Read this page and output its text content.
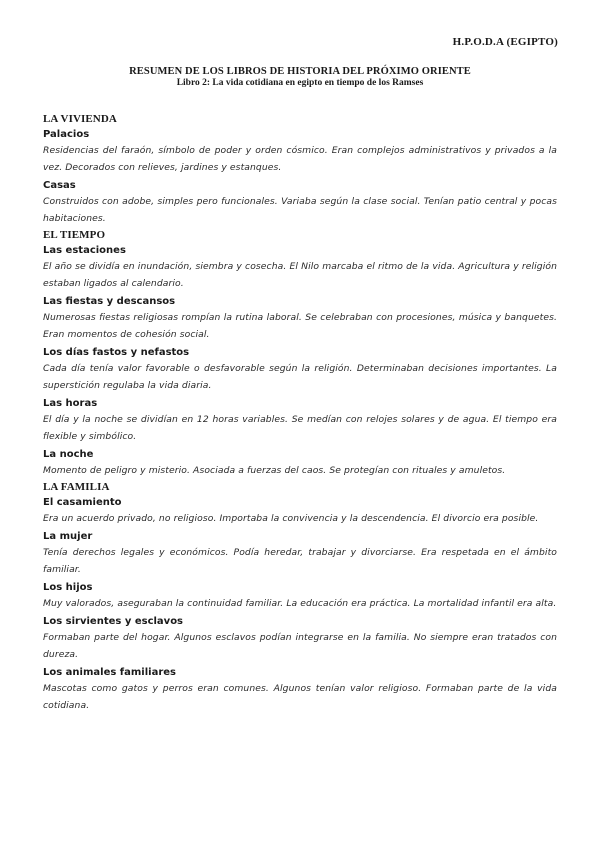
H.P.O.D.A (EGIPTO)
RESUMEN DE LOS LIBROS DE HISTORIA DEL PRÓXIMO ORIENTE
Libro 2: La vida cotidiana en egipto en tiempo de los Ramses
LA VIVIENDA
Palacios
Residencias del faraón, símbolo de poder y orden cósmico. Eran complejos administrativos y privados a la vez. Decorados con relieves, jardines y estanques.
Casas
Construidos con adobe, simples pero funcionales. Variaba según la clase social. Tenían patio central y pocas habitaciones.
EL TIEMPO
Las estaciones
El año se dividía en inundación, siembra y cosecha. El Nilo marcaba el ritmo de la vida. Agricultura y religión estaban ligados al calendario.
Las fiestas y descansos
Numerosas fiestas religiosas rompían la rutina laboral. Se celebraban con procesiones, música y banquetes. Eran momentos de cohesión social.
Los días fastos y nefastos
Cada día tenía valor favorable o desfavorable según la religión. Determinaban decisiones importantes. La superstición regulaba la vida diaria.
Las horas
El día y la noche se dividían en 12 horas variables. Se medían con relojes solares y de agua. El tiempo era flexible y simbólico.
La noche
Momento de peligro y misterio. Asociada a fuerzas del caos. Se protegían con rituales y amuletos.
LA FAMILIA
El casamiento
Era un acuerdo privado, no religioso. Importaba la convivencia y la descendencia. El divorcio era posible.
La mujer
Tenía derechos legales y económicos. Podía heredar, trabajar y divorciarse. Era respetada en el ámbito familiar.
Los hijos
Muy valorados, aseguraban la continuidad familiar. La educación era práctica. La mortalidad infantil era alta.
Los sirvientes y esclavos
Formaban parte del hogar. Algunos esclavos podían integrarse en la familia. No siempre eran tratados con dureza.
Los animales familiares
Mascotas como gatos y perros eran comunes. Algunos tenían valor religioso. Formaban parte de la vida cotidiana.
